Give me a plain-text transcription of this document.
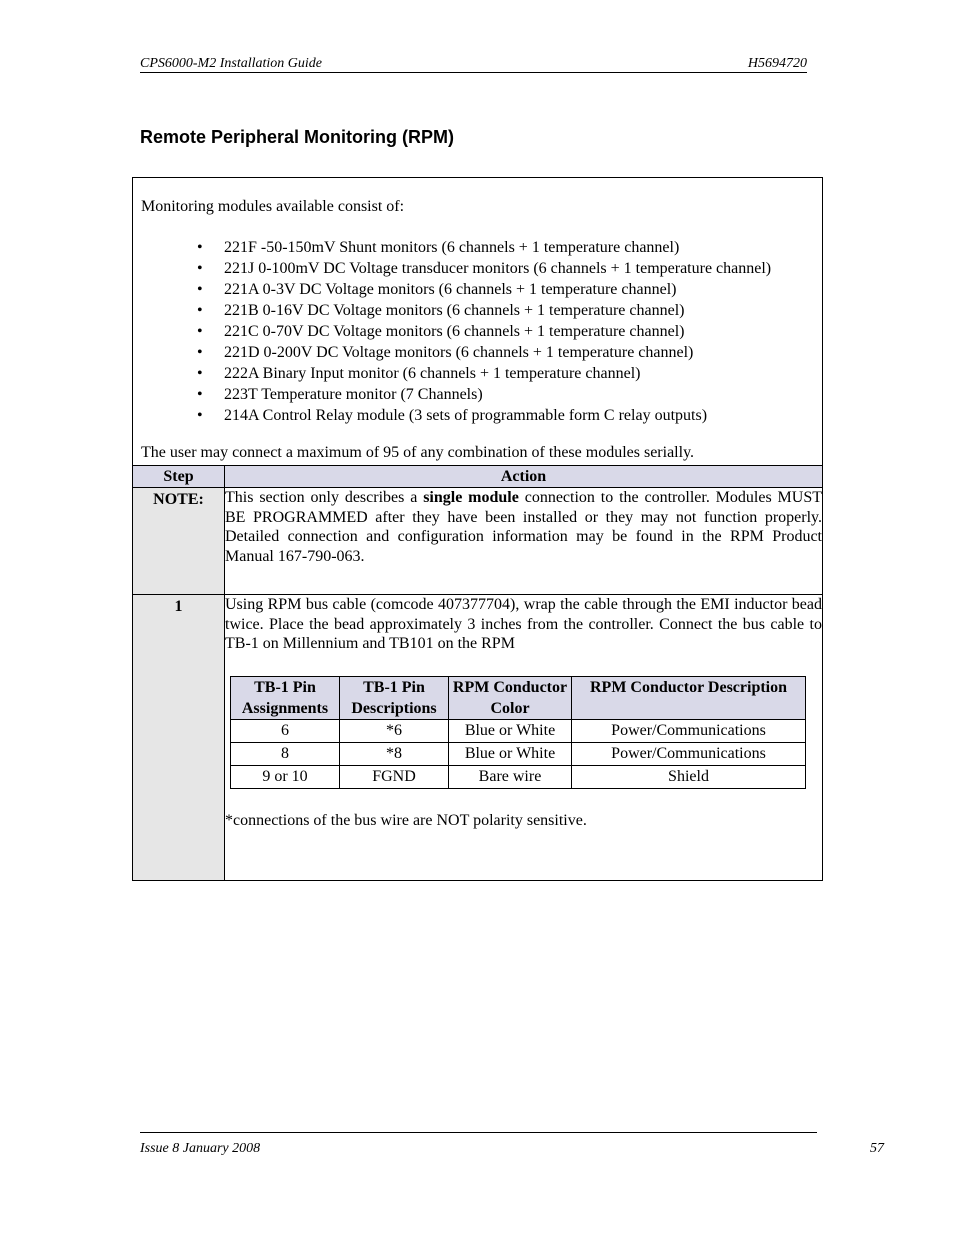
CPS6000-M2 Installation Guide	H5694720
Remote Peripheral Monitoring (RPM)
Monitoring modules available consist of:
• 221F -50-150mV Shunt monitors (6 channels + 1 temperature channel)
• 221J 0-100mV DC Voltage transducer monitors (6 channels + 1 temperature channel)
• 221A 0-3V DC Voltage monitors (6 channels + 1 temperature channel)
• 221B 0-16V DC Voltage monitors (6 channels + 1 temperature channel)
• 221C 0-70V DC Voltage monitors (6 channels + 1 temperature channel)
• 221D 0-200V DC Voltage monitors (6 channels + 1 temperature channel)
• 222A Binary Input monitor (6 channels + 1 temperature channel)
• 223T Temperature monitor (7 Channels)
• 214A Control Relay module (3 sets of programmable form C relay outputs)
The user may connect a maximum of 95 of any combination of these modules serially.
Step	Action
NOTE:	This section only describes a single module connection to the controller. Modules MUST BE PROGRAMMED after they have been installed or they may not function properly. Detailed connection and configuration information may be found in the RPM Product Manual 167-790-063.
1	Using RPM bus cable (comcode 407377704), wrap the cable through the EMI inductor bead twice. Place the bead approximately 3 inches from the controller. Connect the bus cable to TB-1 on Millennium and TB101 on the RPM
TB-1 Pin Assignments	TB-1 Pin Descriptions	RPM Conductor Color	RPM Conductor Description
6	*6	Blue or White	Power/Communications
8	*8	Blue or White	Power/Communications
9 or 10	FGND	Bare wire	Shield
*connections of the bus wire are NOT polarity sensitive.
Issue 8 January 2008	57
